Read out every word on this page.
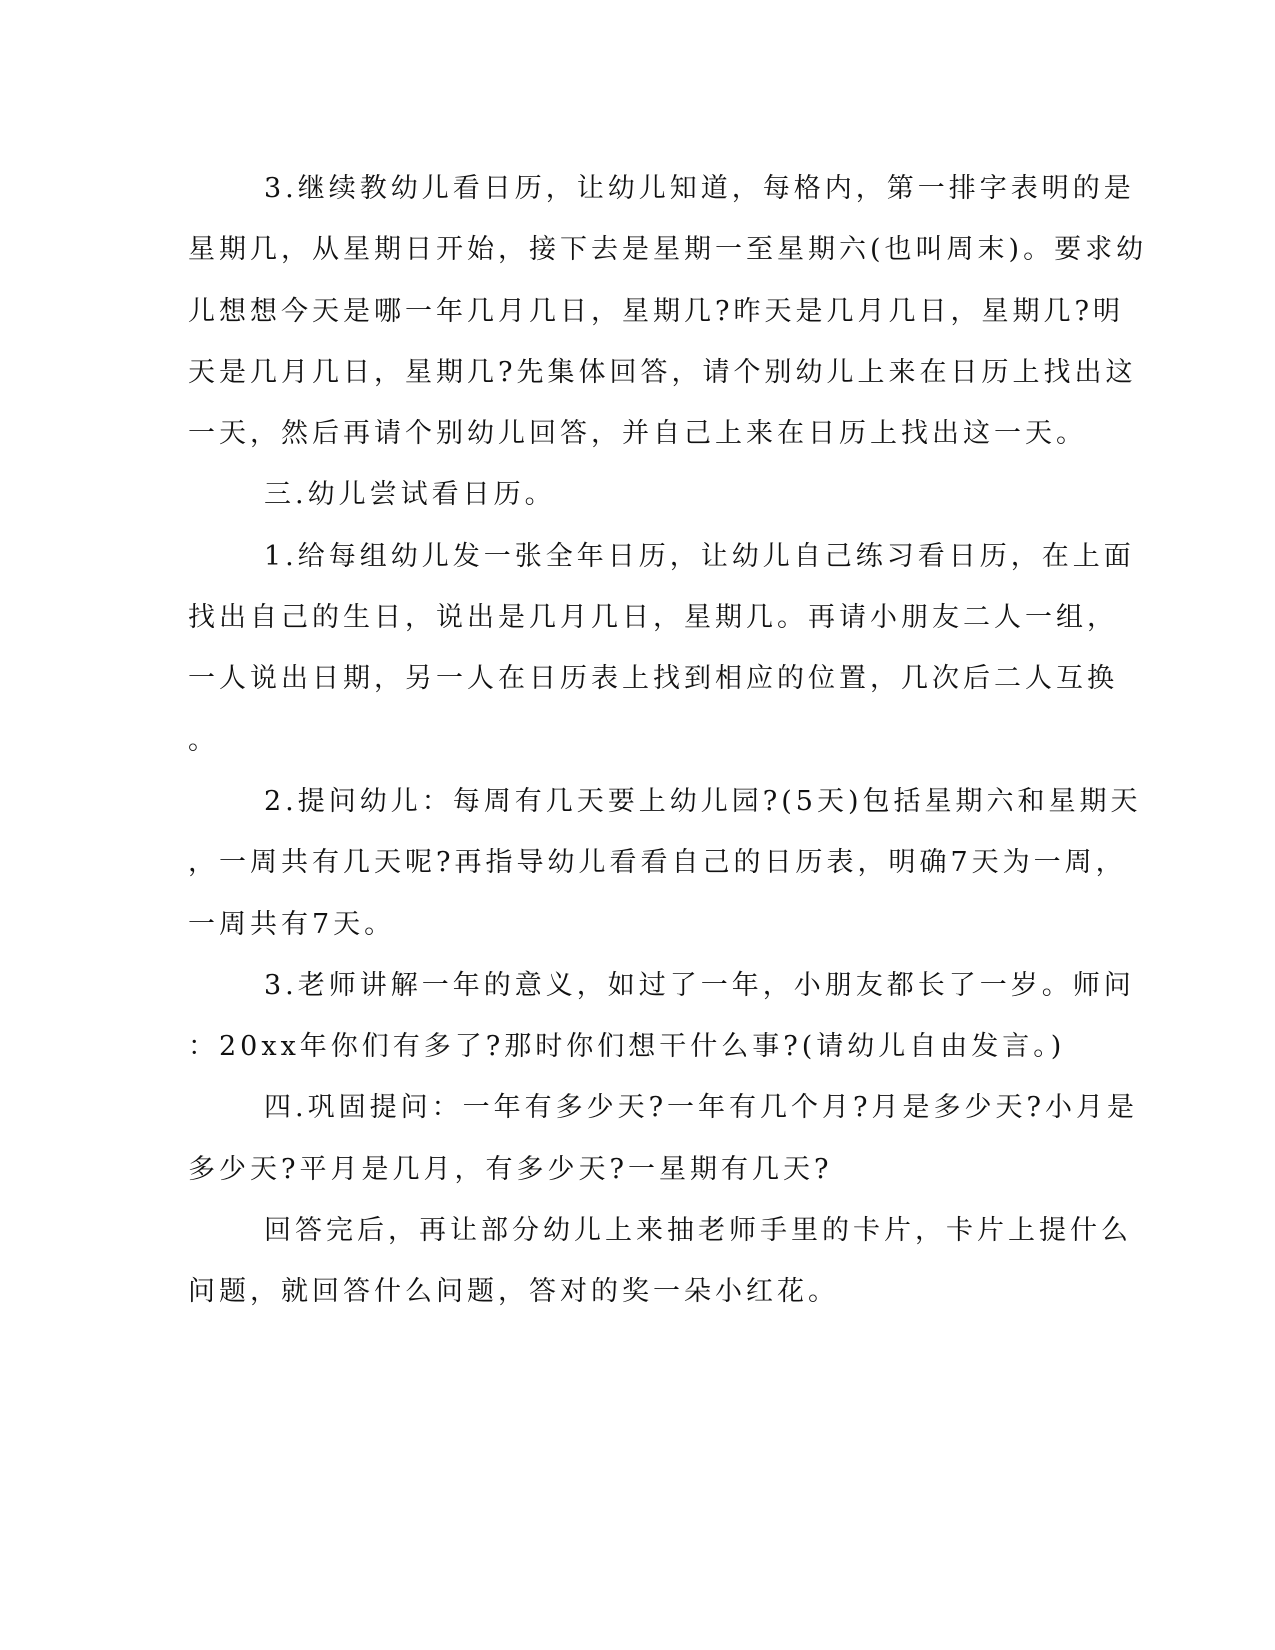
3.继续教幼儿看日历，让幼儿知道，每格内，第一排字表明的是
星期几，从星期日开始，接下去是星期一至星期六(也叫周末)。要求幼
儿想想今天是哪一年几月几日，星期几?昨天是几月几日，星期几?明
天是几月几日，星期几?先集体回答，请个别幼儿上来在日历上找出这
一天，然后再请个别幼儿回答，并自己上来在日历上找出这一天。
三.幼儿尝试看日历。
1.给每组幼儿发一张全年日历，让幼儿自己练习看日历，在上面
找出自己的生日，说出是几月几日，星期几。再请小朋友二人一组，
一人说出日期，另一人在日历表上找到相应的位置，几次后二人互换
。
2.提问幼儿：每周有几天要上幼儿园?(5天)包括星期六和星期天
，一周共有几天呢?再指导幼儿看看自己的日历表，明确7天为一周，
一周共有7天。
3.老师讲解一年的意义，如过了一年，小朋友都长了一岁。师问
：20xx年你们有多了?那时你们想干什么事?(请幼儿自由发言。)
四.巩固提问：一年有多少天?一年有几个月?月是多少天?小月是
多少天?平月是几月，有多少天?一星期有几天?
回答完后，再让部分幼儿上来抽老师手里的卡片，卡片上提什么
问题，就回答什么问题，答对的奖一朵小红花。
